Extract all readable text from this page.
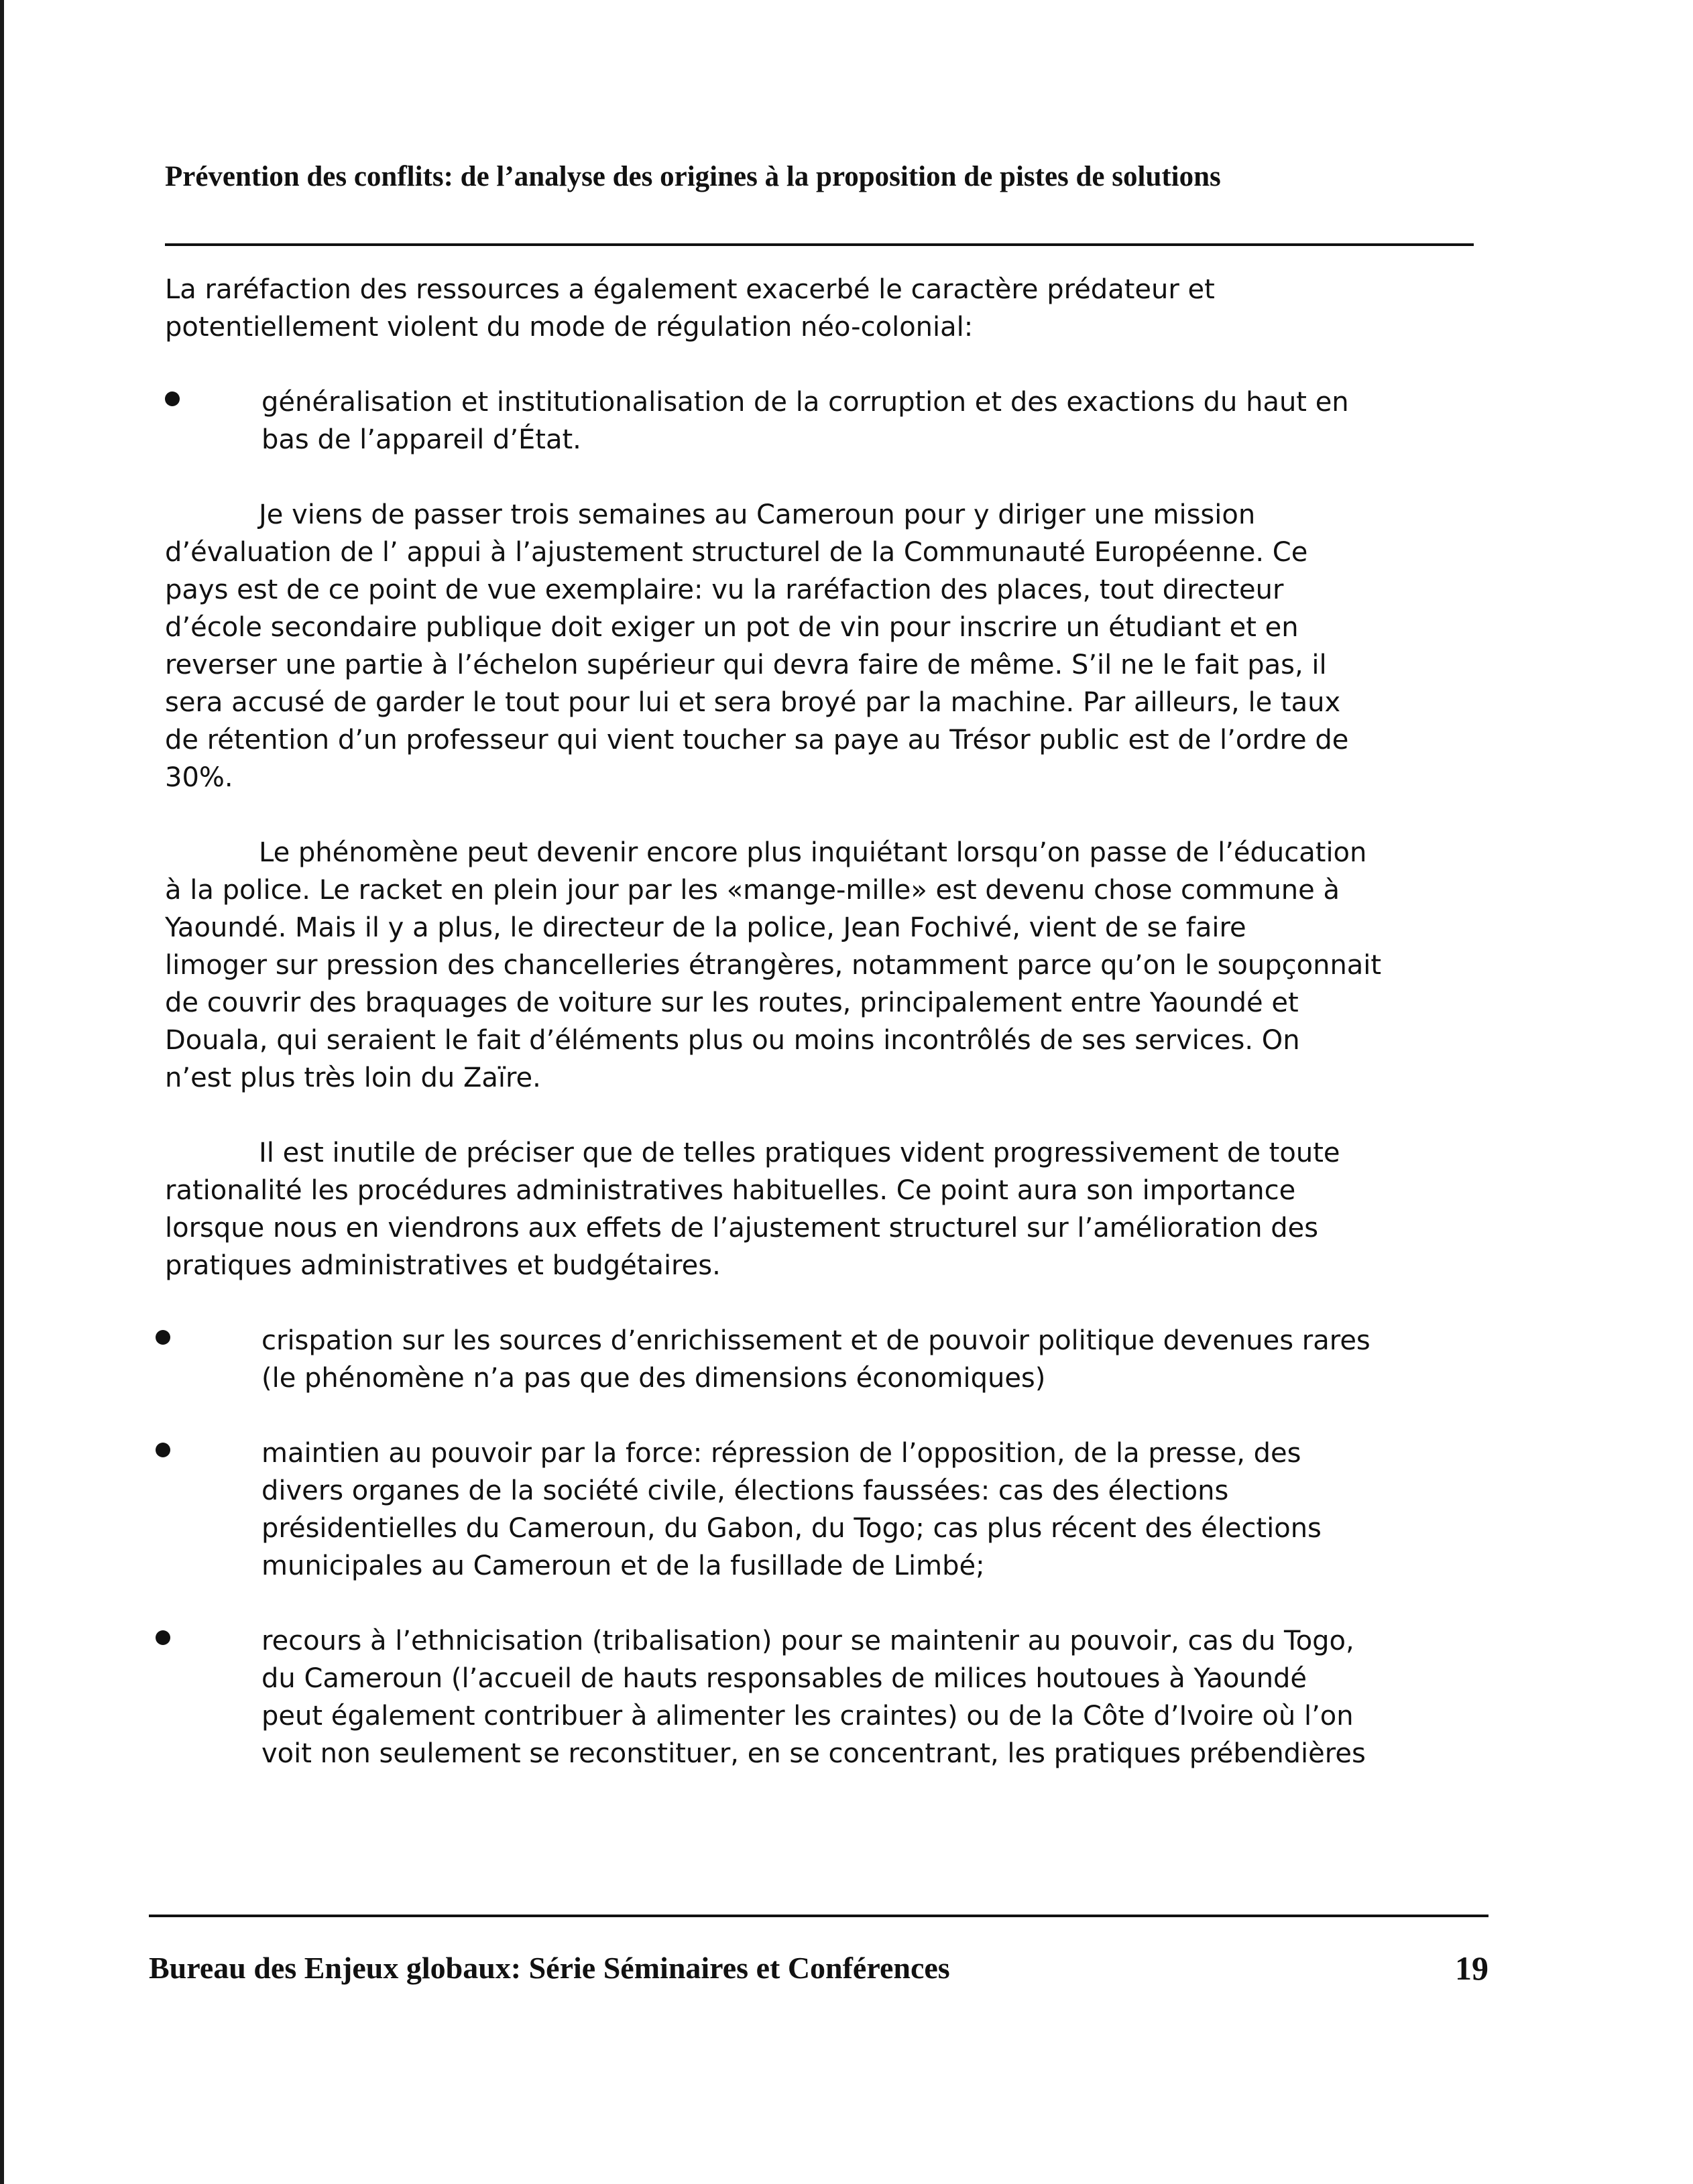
Prévention des conflits: de l’analyse des origines à la proposition de pistes de solutions
La raréfaction des ressources a également exacerbé le caractère prédateur et
potentiellement violent du mode de régulation néo-colonial:
généralisation et institutionalisation de la corruption et des exactions du haut en
bas de l’appareil d’État.
Je viens de passer trois semaines au Cameroun pour y diriger une mission
d’évaluation de l’ appui à l’ajustement structurel de la Communauté Européenne. Ce
pays est de ce point de vue exemplaire: vu la raréfaction des places, tout directeur
d’école secondaire publique doit exiger un pot de vin pour inscrire un étudiant et en
reverser une partie à l’échelon supérieur qui devra faire de même. S’il ne le fait pas, il
sera accusé de garder le tout pour lui et sera broyé par la machine. Par ailleurs, le taux
de rétention d’un professeur qui vient toucher sa paye au Trésor public est de l’ordre de
30%.
Le phénomène peut devenir encore plus inquiétant lorsqu’on passe de l’éducation
à la police. Le racket en plein jour par les «mange-mille» est devenu chose commune à
Yaoundé. Mais il y a plus, le directeur de la police, Jean Fochivé, vient de se faire
limoger sur pression des chancelleries étrangères, notamment parce qu’on le soupçonnait
de couvrir des braquages de voiture sur les routes, principalement entre Yaoundé et
Douala, qui seraient le fait d’éléments plus ou moins incontrôlés de ses services. On
n’est plus très loin du Zaïre.
Il est inutile de préciser que de telles pratiques vident progressivement de toute
rationalité les procédures administratives habituelles. Ce point aura son importance
lorsque nous en viendrons aux effets de l’ajustement structurel sur l’amélioration des
pratiques administratives et budgétaires.
crispation sur les sources d’enrichissement et de pouvoir politique devenues rares
(le phénomène n’a pas que des dimensions économiques)
maintien au pouvoir par la force: répression de l’opposition, de la presse, des
divers organes de la société civile, élections faussées: cas des élections
présidentielles du Cameroun, du Gabon, du Togo; cas plus récent des élections
municipales au Cameroun et de la fusillade de Limbé;
recours à l’ethnicisation (tribalisation) pour se maintenir au pouvoir, cas du Togo,
du Cameroun (l’accueil de hauts responsables de milices houtoues à Yaoundé
peut également contribuer à alimenter les craintes) ou de la Côte d’Ivoire où l’on
voit non seulement se reconstituer, en se concentrant, les pratiques prébendières
Bureau des Enjeux globaux: Série Séminaires et Conférences	19
